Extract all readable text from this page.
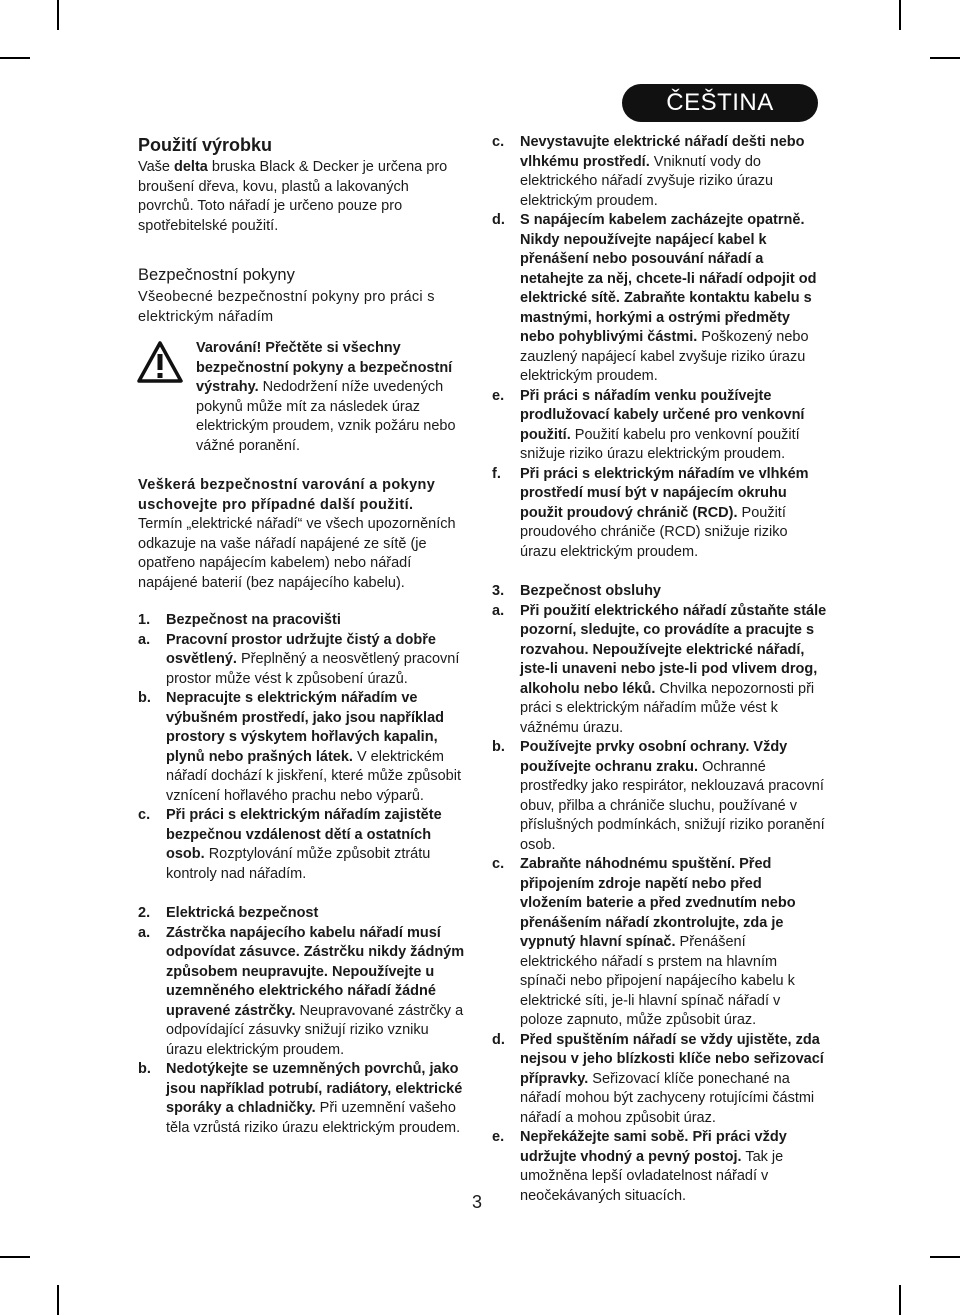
ČEŠTINA
Použití výrobku

Vaše delta bruska Black & Decker je určena pro broušení dřeva, kovu, plastů a lakovaných povrchů. Toto nářadí je určeno pouze pro spotřebitelské použití.

Bezpečnostní pokyny

Všeobecné bezpečnostní pokyny pro práci s elektrickým nářadím

Varování! Přečtěte si všechny bezpečnostní pokyny a bezpečnostní výstrahy. Nedodržení níže uvedených pokynů může mít za následek úraz elektrickým proudem, vznik požáru nebo vážné poranění.

Veškerá bezpečnostní varování a pokyny uschovejte pro případné další použití.

Termín „elektrické nářadí“ ve všech upozorněních odkazuje na vaše nářadí napájené ze sítě (je opatřeno napájecím kabelem) nebo nářadí napájené baterií (bez napájecího kabelu).

1.	Bezpečnost na pracovišti
a.	Pracovní prostor udržujte čistý a dobře osvětlený. Přeplněný a neosvětlený pracovní prostor může vést k způsobení úrazů.

b.	Nepracujte s elektrickým nářadím ve výbušném prostředí, jako jsou například prostory s výskytem hořlavých kapalin, plynů nebo prašných látek. V elektrickém nářadí dochází k jiskření, které může způsobit vznícení hořlavého prachu nebo výparů.

c.	Při práci s elektrickým nářadím zajistěte bezpečnou vzdálenost dětí a ostatních osob. Rozptylování může způsobit ztrátu kontroly nad nářadím.

2.	Elektrická bezpečnost
a.	Zástrčka napájecího kabelu nářadí musí odpovídat zásuvce. Zástrčku nikdy žádným způsobem neupravujte. Nepoužívejte u uzemněného elektrického nářadí žádné upravené zástrčky. Neupravované zástrčky a odpovídající zásuvky snižují riziko vzniku úrazu elektrickým proudem.

b.	Nedotýkejte se uzemněných povrchů, jako jsou například potrubí, radiátory, elektrické sporáky a chladničky. Při uzemnění vašeho těla vzrůstá riziko úrazu elektrickým proudem.

c.	Nevystavujte elektrické nářadí dešti nebo vlhkému prostředí. Vniknutí vody do elektrického nářadí zvyšuje riziko úrazu elektrickým proudem.

d.	S napájecím kabelem zacházejte opatrně. Nikdy nepoužívejte napájecí kabel k přenášení nebo posouvání nářadí a netahejte za něj, chcete-li nářadí odpojit od elektrické sítě. Zabraňte kontaktu kabelu s mastnými, horkými a ostrými předměty nebo pohyblivými částmi. Poškozený nebo zauzlený napájecí kabel zvyšuje riziko úrazu elektrickým proudem.

e.	Při práci s nářadím venku používejte prodlužovací kabely určené pro venkovní použití. Použití kabelu pro venkovní použití snižuje riziko úrazu elektrickým proudem.

f.	Při práci s elektrickým nářadím ve vlhkém prostředí musí být v napájecím okruhu použit proudový chránič (RCD). Použití proudového chrániče (RCD) snižuje riziko úrazu elektrickým proudem.

3.	Bezpečnost obsluhy
a.	Při použití elektrického nářadí zůstaňte stále pozorní, sledujte, co provádíte a pracujte s rozvahou. Nepoužívejte elektrické nářadí, jste-li unaveni nebo jste-li pod vlivem drog, alkoholu nebo léků. Chvilka nepozornosti při práci s elektrickým nářadím může vést k vážnému úrazu.

b.	Používejte prvky osobní ochrany. Vždy používejte ochranu zraku. Ochranné prostředky jako respirátor, neklouzavá pracovní obuv, přilba a chrániče sluchu, používané v příslušných podmínkách, snižují riziko poranění osob.

c.	Zabraňte náhodnému spuštění. Před připojením zdroje napětí nebo před vložením baterie a před zvednutím nebo přenášením nářadí zkontrolujte, zda je vypnutý hlavní spínač. Přenášení elektrického nářadí s prstem na hlavním spínači nebo připojení napájecího kabelu k elektrické síti, je-li hlavní spínač nářadí v poloze zapnuto, může způsobit úraz.

d.	Před spuštěním nářadí se vždy ujistěte, zda nejsou v jeho blízkosti klíče nebo seřizovací přípravky. Seřizovací klíče ponechané na nářadí mohou být zachyceny rotujícími částmi nářadí a mohou způsobit úraz.

e.	Nepřekážejte sami sobě. Při práci vždy udržujte vhodný a pevný postoj. Tak je umožněna lepší ovladatelnost nářadí v neočekávaných situacích.

3
